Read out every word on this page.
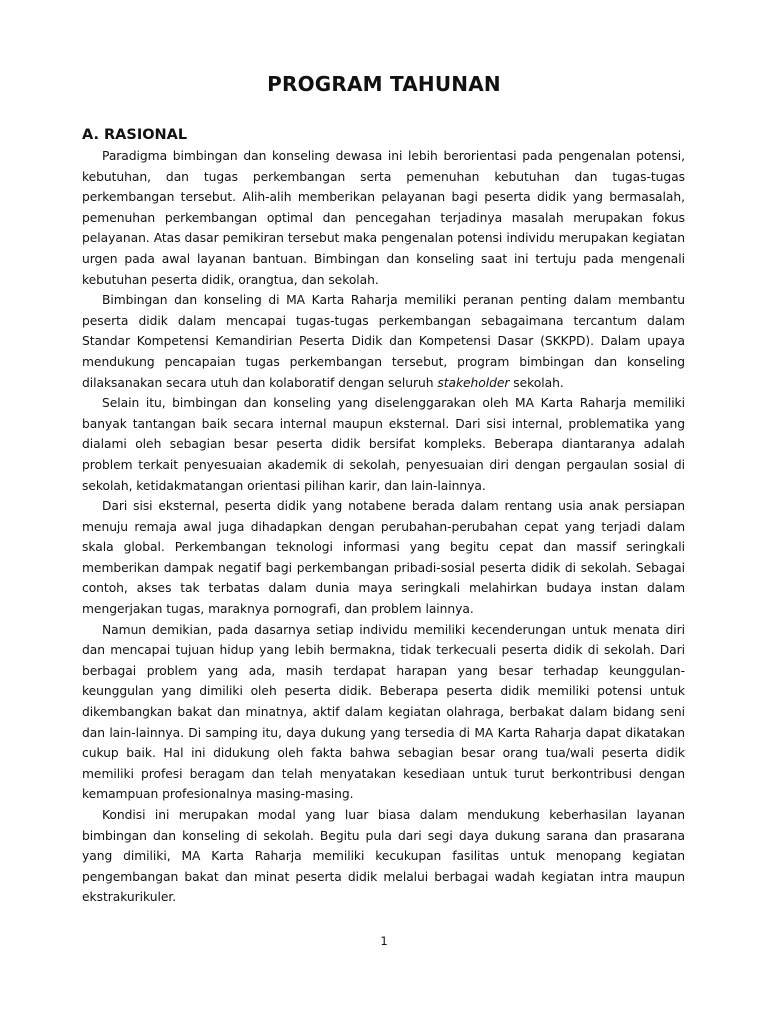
PROGRAM TAHUNAN
A. RASIONAL

Paradigma bimbingan dan konseling dewasa ini lebih berorientasi pada pengenalan potensi, kebutuhan, dan tugas perkembangan serta pemenuhan kebutuhan dan tugas-tugas perkembangan tersebut. Alih-alih memberikan pelayanan bagi peserta didik yang bermasalah, pemenuhan perkembangan optimal dan pencegahan terjadinya masalah merupakan fokus pelayanan. Atas dasar pemikiran tersebut maka pengenalan potensi individu merupakan kegiatan urgen pada awal layanan bantuan. Bimbingan dan konseling saat ini tertuju pada mengenali kebutuhan peserta didik, orangtua, dan sekolah.

Bimbingan dan konseling di MA Karta Raharja memiliki peranan penting dalam membantu peserta didik dalam mencapai tugas-tugas perkembangan sebagaimana tercantum dalam Standar Kompetensi Kemandirian Peserta Didik dan Kompetensi Dasar (SKKPD). Dalam upaya mendukung pencapaian tugas perkembangan tersebut, program bimbingan dan konseling dilaksanakan secara utuh dan kolaboratif dengan seluruh stakeholder sekolah.

Selain itu, bimbingan dan konseling yang diselenggarakan oleh MA Karta Raharja memiliki banyak tantangan baik secara internal maupun eksternal. Dari sisi internal, problematika yang dialami oleh sebagian besar peserta didik bersifat kompleks. Beberapa diantaranya adalah problem terkait penyesuaian akademik di sekolah, penyesuaian diri dengan pergaulan sosial di sekolah, ketidakmatangan orientasi pilihan karir, dan lain-lainnya.

Dari sisi eksternal, peserta didik yang notabene berada dalam rentang usia anak persiapan menuju remaja awal juga dihadapkan dengan perubahan-perubahan cepat yang terjadi dalam skala global. Perkembangan teknologi informasi yang begitu cepat dan massif seringkali memberikan dampak negatif bagi perkembangan pribadi-sosial peserta didik di sekolah. Sebagai contoh, akses tak terbatas dalam dunia maya seringkali melahirkan budaya instan dalam mengerjakan tugas, maraknya pornografi, dan problem lainnya.

Namun demikian, pada dasarnya setiap individu memiliki kecenderungan untuk menata diri dan mencapai tujuan hidup yang lebih bermakna, tidak terkecuali peserta didik di sekolah. Dari berbagai problem yang ada, masih terdapat harapan yang besar terhadap keunggulan-keunggulan yang dimiliki oleh peserta didik. Beberapa peserta didik memiliki potensi untuk dikembangkan bakat dan minatnya, aktif dalam kegiatan olahraga, berbakat dalam bidang seni dan lain-lainnya. Di samping itu, daya dukung yang tersedia di MA Karta Raharja dapat dikatakan cukup baik. Hal ini didukung oleh fakta bahwa sebagian besar orang tua/wali peserta didik memiliki profesi beragam dan telah menyatakan kesediaan untuk turut berkontribusi dengan kemampuan profesionalnya masing-masing.

Kondisi ini merupakan modal yang luar biasa dalam mendukung keberhasilan layanan bimbingan dan konseling di sekolah. Begitu pula dari segi daya dukung sarana dan prasarana yang dimiliki, MA Karta Raharja memiliki kecukupan fasilitas untuk menopang kegiatan pengembangan bakat dan minat peserta didik melalui berbagai wadah kegiatan intra maupun ekstrakurikuler.

1
